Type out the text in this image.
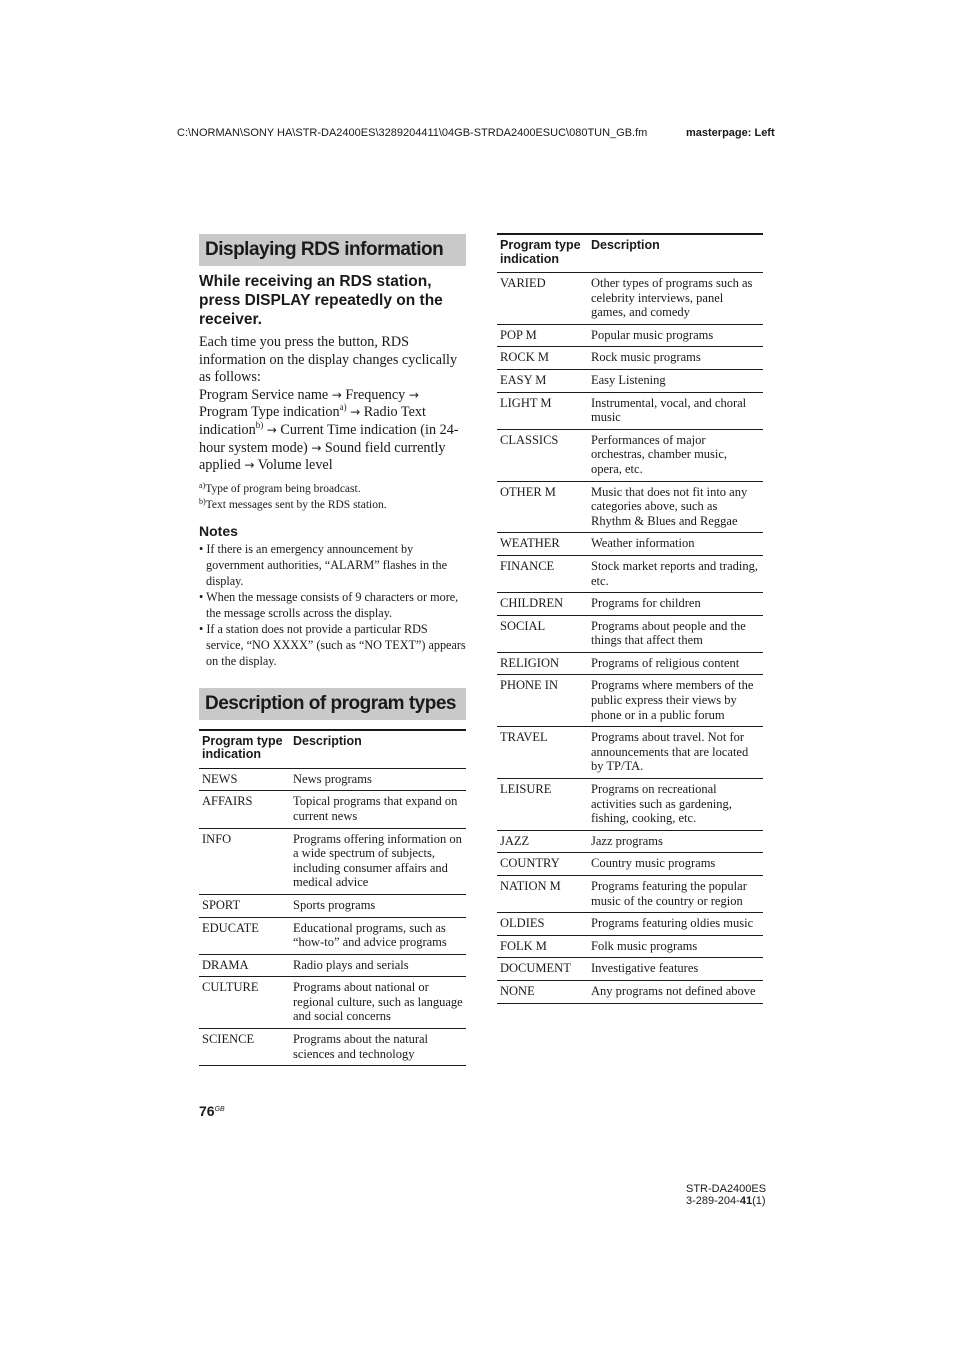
C:\NORMAN\SONY HA\STR-DA2400ES\3289204411\04GB-STRDA2400ESUC\080TUN_GB.fm	masterpage: Left
Displaying RDS information
While receiving an RDS station, press DISPLAY repeatedly on the receiver.

Each time you press the button, RDS information on the display changes cyclically as follows:

Program Service name → Frequency → Program Type indication$^{a)}$ → Radio Text indication$^{b)}$ → Current Time indication (in 24-hour system mode) → Sound field currently applied → Volume level

$^{a)}$Type of program being broadcast.

$^{b)}$Text messages sent by the RDS station.

Notes
• If there is an emergency announcement by government authorities, “ALARM” flashes in the display.
• When the message consists of 9 characters or more, the message scrolls across the display.
• If a station does not provide a particular RDS service, “NO XXXX” (such as “NO TEXT”) appears on the display.
Description of program types
Program type indication	Description
NEWS	News programs
AFFAIRS	Topical programs that expand on current news
INFO	Programs offering information on a wide spectrum of subjects, including consumer affairs and medical advice
SPORT	Sports programs
EDUCATE	Educational programs, such as “how-to” and advice programs
DRAMA	Radio plays and serials
CULTURE	Programs about national or regional culture, such as language and social concerns
SCIENCE	Programs about the natural sciences and technology
Program type indication	Description
VARIED	Other types of programs such as celebrity interviews, panel games, and comedy
POP M	Popular music programs
ROCK M	Rock music programs
EASY M	Easy Listening
LIGHT M	Instrumental, vocal, and choral music
CLASSICS	Performances of major orchestras, chamber music, opera, etc.
OTHER M	Music that does not fit into any categories above, such as Rhythm & Blues and Reggae
WEATHER	Weather information
FINANCE	Stock market reports and trading, etc.
CHILDREN	Programs for children
SOCIAL	Programs about people and the things that affect them
RELIGION	Programs of religious content
PHONE IN	Programs where members of the public express their views by phone or in a public forum
TRAVEL	Programs about travel. Not for announcements that are located by TP/TA.
LEISURE	Programs on recreational activities such as gardening, fishing, cooking, etc.
JAZZ	Jazz programs
COUNTRY	Country music programs
NATION M	Programs featuring the popular music of the country or region
OLDIES	Programs featuring oldies music
FOLK M	Folk music programs
DOCUMENT	Investigative features
NONE	Any programs not defined above
$76_{GB}$
STR-DA2400ES
3-289-204-41(1)
